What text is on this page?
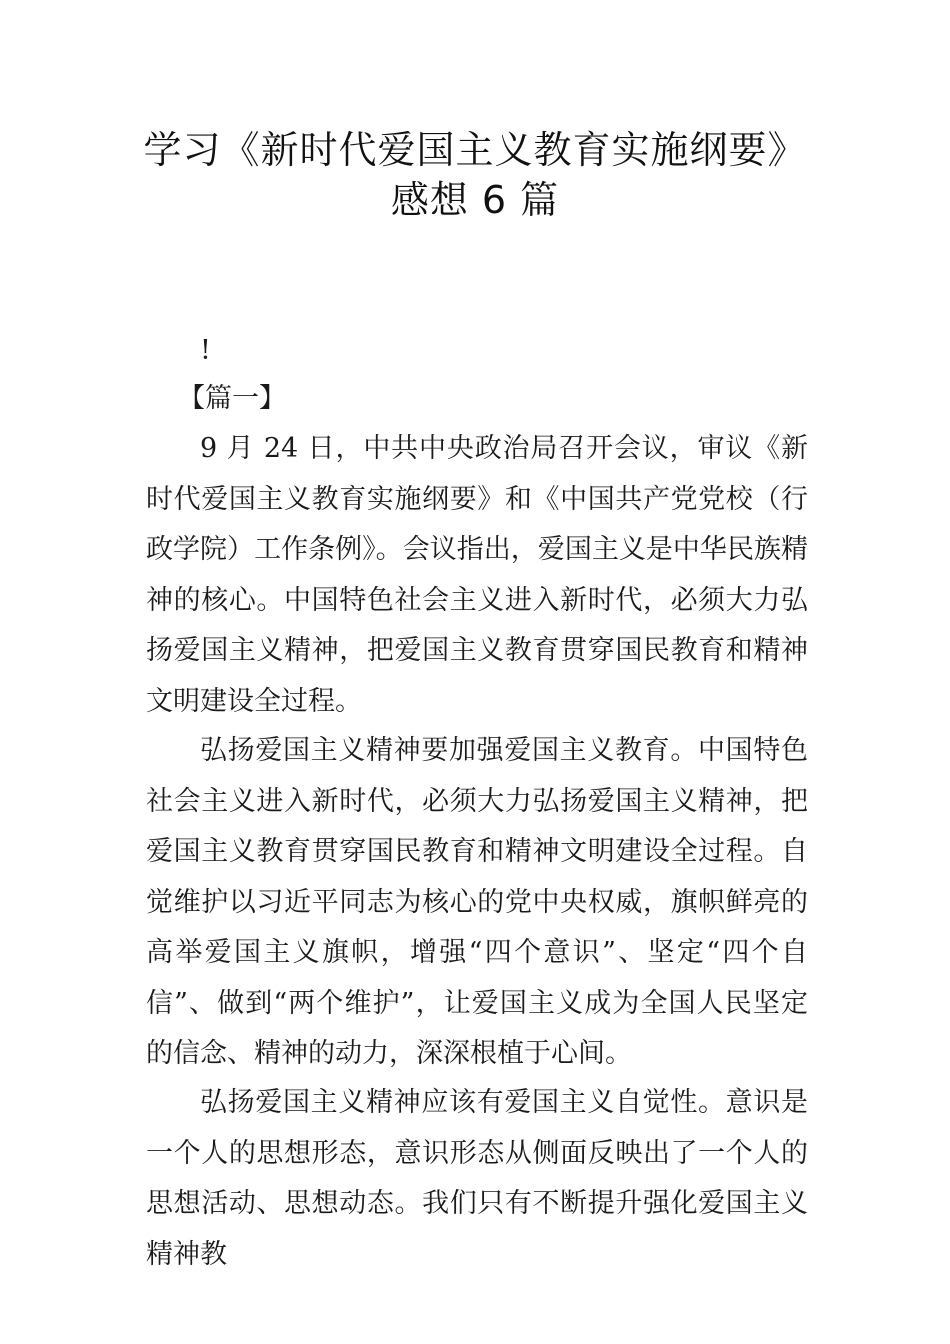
学习《新时代爱国主义教育实施纲要》
感想 6 篇
!
【篇一】
9 月 24 日，中共中央政治局召开会议，审议《新时代爱国主义教育实施纲要》和《中国共产党党校（行政学院）工作条例》。会议指出，爱国主义是中华民族精神的核心。中国特色社会主义进入新时代，必须大力弘扬爱国主义精神，把爱国主义教育贯穿国民教育和精神文明建设全过程。
弘扬爱国主义精神要加强爱国主义教育。中国特色社会主义进入新时代，必须大力弘扬爱国主义精神，把爱国主义教育贯穿国民教育和精神文明建设全过程。自觉维护以习近平同志为核心的党中央权威，旗帜鲜亮的高举爱国主义旗帜，增强“四个意识”、坚定“四个自信”、做到“两个维护”，让爱国主义成为全国人民坚定的信念、精神的动力，深深根植于心间。
弘扬爱国主义精神应该有爱国主义自觉性。意识是一个人的思想形态，意识形态从侧面反映出了一个人的思想活动、思想动态。我们只有不断提升强化爱国主义精神教
